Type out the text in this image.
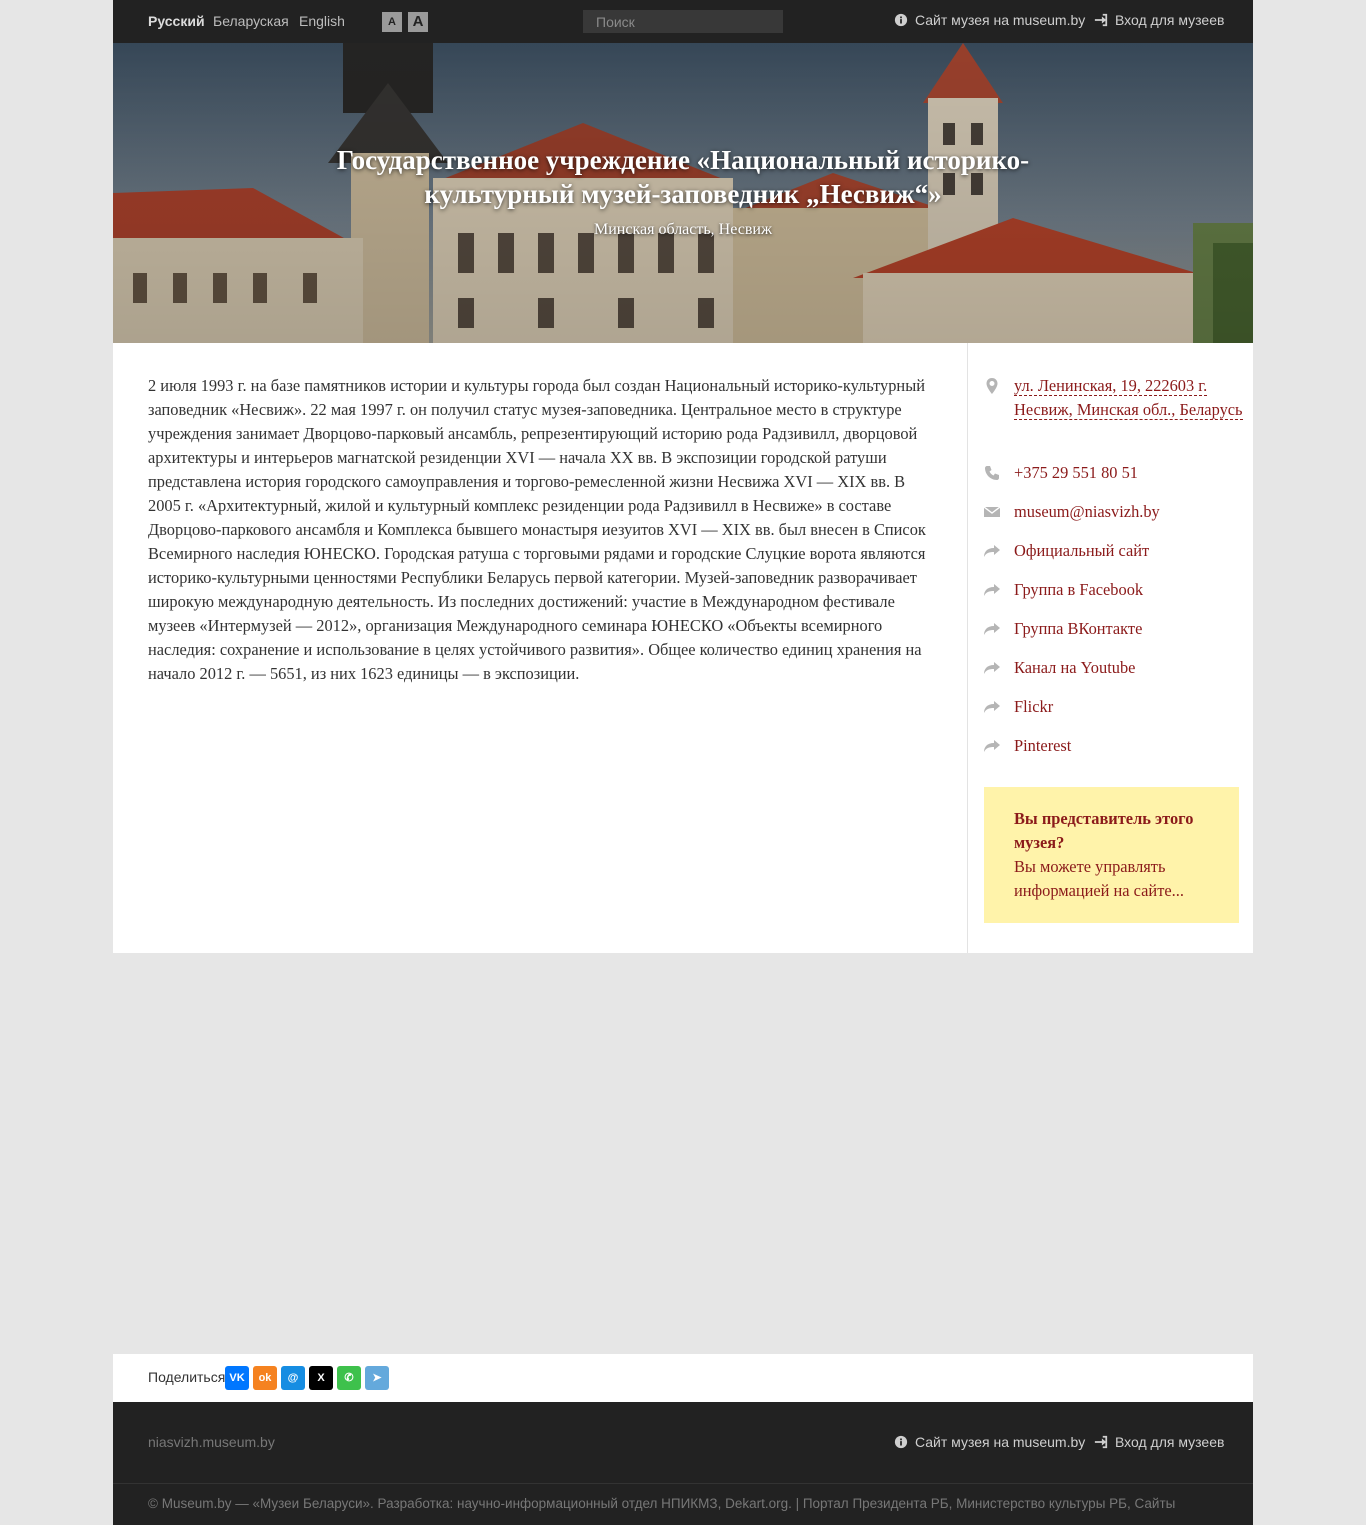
Русский Беларуская English	A	A
Поиск	Сайт музея на museum.by Вход для музеев
Государственное учреждение «Национальный историко-культурный музей-заповедник „Несвиж“»
Минская область, Несвиж

2 июля 1993 г. на базе памятников истории и культуры города был создан Национальный историко-культурный заповедник «Несвиж». 22 мая 1997 г. он получил статус музея-заповедника. Центральное место в структуре учреждения занимает Дворцово-парковый ансамбль, репрезентирующий историю рода Радзивилл, дворцовой архитектуры и интерьеров магнатской резиденции XVI — начала XX вв. В экспозиции городской ратуши представлена история городского самоуправления и торгово-ремесленной жизни Несвижа XVI — XIX вв. В 2005 г. «Архитектурный, жилой и культурный комплекс резиденции рода Радзивилл в Несвиже» в составе Дворцово-паркового ансамбля и Комплекса бывшего монастыря иезуитов XVI — XIX вв. был внесен в Список Всемирного наследия ЮНЕСКО. Городская ратуша с торговыми рядами и городские Слуцкие ворота являются историко-культурными ценностями Республики Беларусь первой категории. Музей-заповедник разворачивает широкую международную деятельность. Из последних достижений: участие в Международном фестивале музеев «Интермузей — 2012», организация Международного семинара ЮНЕСКО «Объекты всемирного наследия: сохранение и использование в целях устойчивого развития». Общее количество единиц хранения на начало 2012 г. — 5651, из них 1623 единицы — в экспозиции.

ул. Ленинская, 19, 222603 г. Несвиж, Минская обл., Беларусь
+375 29 551 80 51
museum@niasvizh.by
Официальный сайт
Группа в Facebook
Группа ВКонтакте
Канал на Youtube
Flickr
Pinterest
Вы представитель этого музея?
Вы можете управлять информацией на сайте...
Поделиться VK	ok	@	X	✆	➤
niasvizh.museum.by	Сайт музея на museum.by Вход для музеев
© Museum.by — «Музеи Беларуси». Разработка: научно-информационный отдел НПИКМЗ, Dekart.org. | Портал Президента РБ, Министерство культуры РБ, Сайты
